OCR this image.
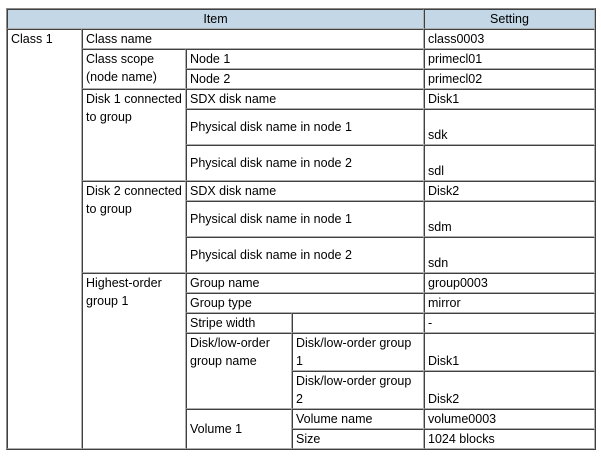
Item				Setting
Class 1	Class name			class0003
	Class scope (node name)	Node 1		primecl01
		Node 2		primecl02
	Disk 1 connected to group	SDX disk name		Disk1
		Physical disk name in node 1		sdk
		Physical disk name in node 2		sdl
	Disk 2 connected to group	SDX disk name		Disk2
		Physical disk name in node 1		sdm
		Physical disk name in node 2		sdn
	Highest-order group 1	Group name		group0003
		Group type		mirror
		Stripe width		-
		Disk/low-order group name	Disk/low-order group 1	Disk1

			Disk/low-order group 2	Disk2

		Volume 1	Volume name	volume0003
			Size	1024 blocks
